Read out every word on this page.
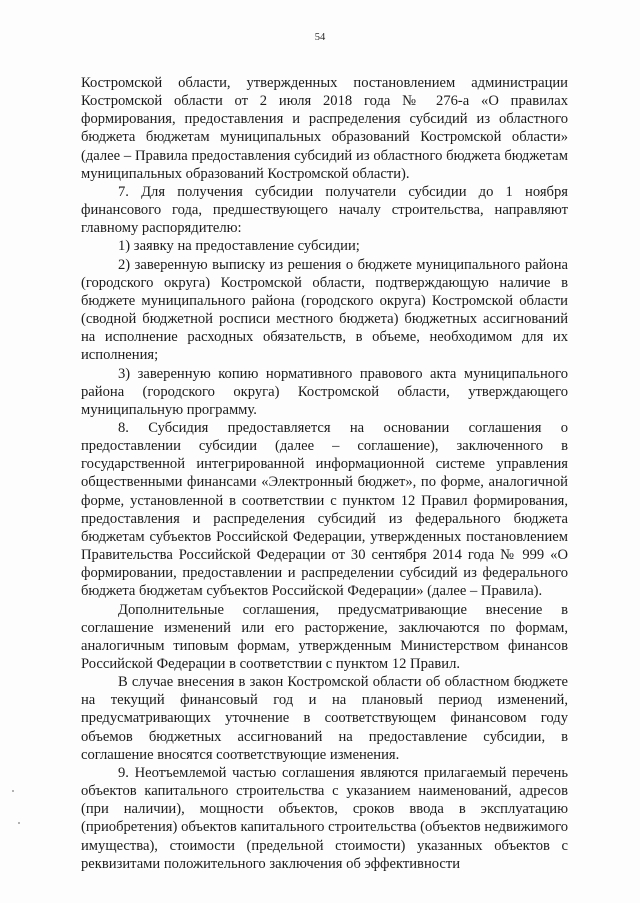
54

Костромской области, утвержденных постановлением администрации Костромской области от 2 июля 2018 года № 276-а «О правилах формирования, предоставления и распределения субсидий из областного бюджета бюджетам муниципальных образований Костромской области» (далее – Правила предоставления субсидий из областного бюджета бюджетам муниципальных образований Костромской области).

7. Для получения субсидии получатели субсидии до 1 ноября финансового года, предшествующего началу строительства, направляют главному распорядителю:

1) заявку на предоставление субсидии;

2) заверенную выписку из решения о бюджете муниципального района (городского округа) Костромской области, подтверждающую наличие в бюджете муниципального района (городского округа) Костромской области (сводной бюджетной росписи местного бюджета) бюджетных ассигнований на исполнение расходных обязательств, в объеме, необходимом для их исполнения;

3) заверенную копию нормативного правового акта муниципального района (городского округа) Костромской области, утверждающего муниципальную программу.

8. Субсидия предоставляется на основании соглашения о предоставлении субсидии (далее – соглашение), заключенного в государственной интегрированной информационной системе управления общественными финансами «Электронный бюджет», по форме, аналогичной форме, установленной в соответствии с пунктом 12 Правил формирования, предоставления и распределения субсидий из федерального бюджета бюджетам субъектов Российской Федерации, утвержденных постановлением Правительства Российской Федерации от 30 сентября 2014 года № 999 «О формировании, предоставлении и распределении субсидий из федерального бюджета бюджетам субъектов Российской Федерации» (далее – Правила).

Дополнительные соглашения, предусматривающие внесение в соглашение изменений или его расторжение, заключаются по формам, аналогичным типовым формам, утвержденным Министерством финансов Российской Федерации в соответствии с пунктом 12 Правил.

В случае внесения в закон Костромской области об областном бюджете на текущий финансовый год и на плановый период изменений, предусматривающих уточнение в соответствующем финансовом году объемов бюджетных ассигнований на предоставление субсидии, в соглашение вносятся соответствующие изменения.

9. Неотъемлемой частью соглашения являются прилагаемый перечень объектов капитального строительства с указанием наименований, адресов (при наличии), мощности объектов, сроков ввода в эксплуатацию (приобретения) объектов капитального строительства (объектов недвижимого имущества), стоимости (предельной стоимости) указанных объектов с реквизитами положительного заключения об эффективности
